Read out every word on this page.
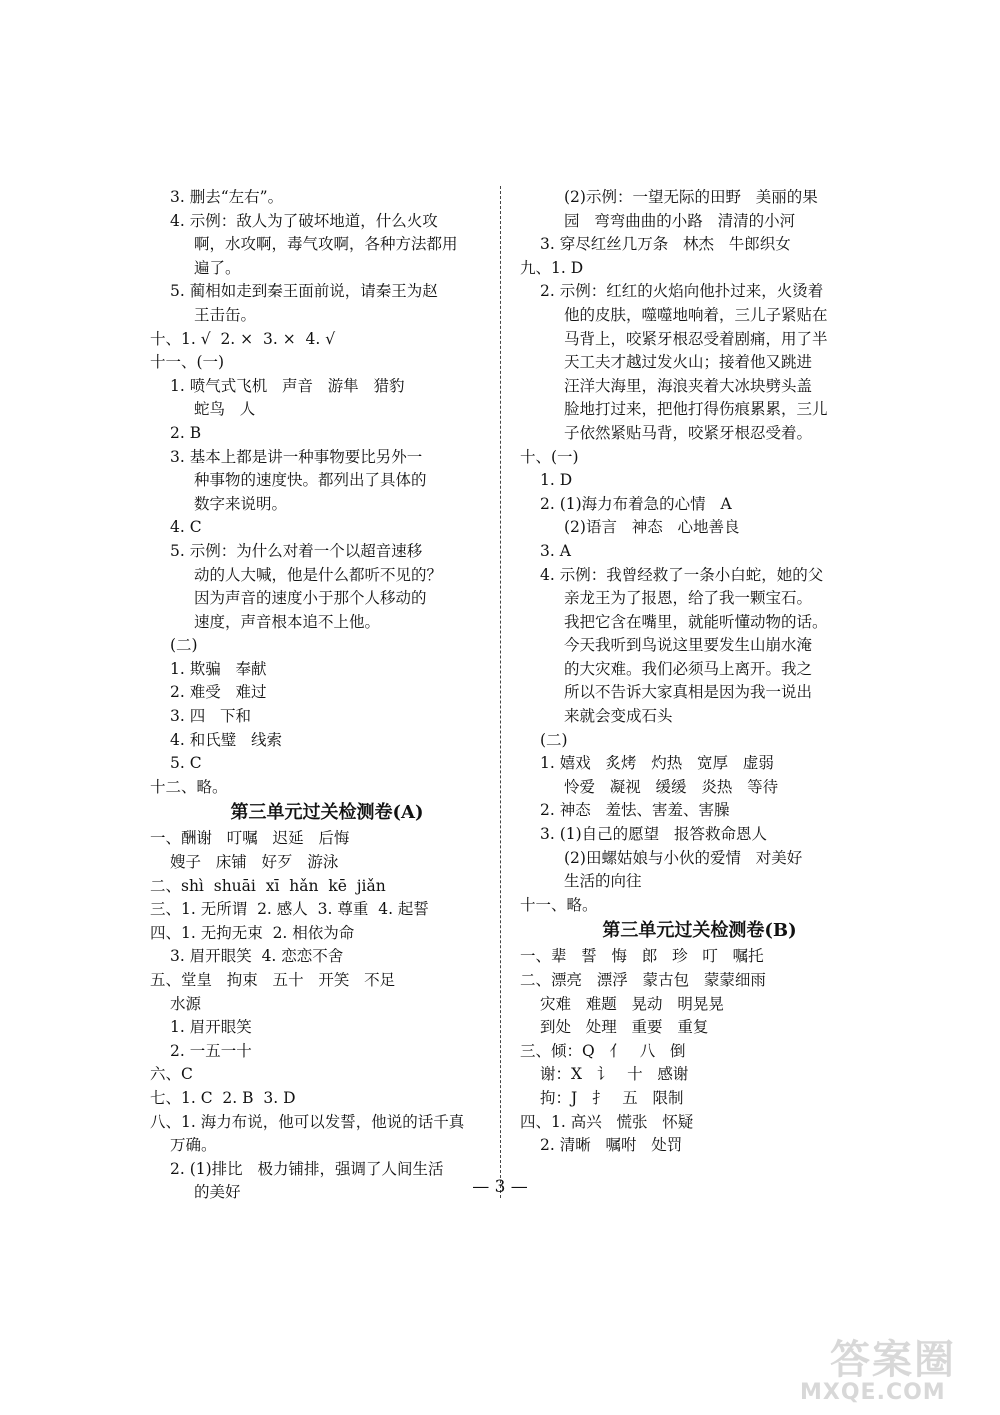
3. 删去“左右”。
4. 示例：敌人为了破坏地道，什么火攻
啊，水攻啊，毒气攻啊，各种方法都用
遍了。
5. 蔺相如走到秦王面前说，请秦王为赵
王击缶。
十、1. √  2. ×  3. ×  4. √
十一、(一)
1. 喷气式飞机   声音   游隼   猎豹
蛇鸟   人
2. B
3. 基本上都是讲一种事物要比另外一
种事物的速度快。都列出了具体的
数字来说明。
4. C
5. 示例：为什么对着一个以超音速移
动的人大喊，他是什么都听不见的？
因为声音的速度小于那个人移动的
速度，声音根本追不上他。
(二)
1. 欺骗   奉献
2. 难受   难过
3. 四   下和
4. 和氏璧   线索
5. C
十二、略。
第三单元过关检测卷(A)
一、酬谢   叮嘱   迟延   后悔
嫂子   床铺   好歹   游泳
二、shì  shuāi  xī  hǎn  kē  jiǎn
三、1. 无所谓  2. 感人  3. 尊重  4. 起誓
四、1. 无拘无束  2. 相依为命
3. 眉开眼笑  4. 恋恋不舍
五、堂皇   拘束   五十   开笑   不足
水源
1. 眉开眼笑
2. 一五一十
六、C
七、1. C  2. B  3. D
八、1. 海力布说，他可以发誓，他说的话千真
万确。
2. (1)排比   极力铺排，强调了人间生活
的美好
(2)示例：一望无际的田野   美丽的果
园   弯弯曲曲的小路   清清的小河
3. 穿尽红丝几万条   林杰   牛郎织女
九、1. D
2. 示例：红红的火焰向他扑过来，火烫着
他的皮肤，噬噬地响着，三儿子紧贴在
马背上，咬紧牙根忍受着剧痛，用了半
天工夫才越过发火山；接着他又跳进
汪洋大海里，海浪夹着大冰块劈头盖
脸地打过来，把他打得伤痕累累，三儿
子依然紧贴马背，咬紧牙根忍受着。
十、(一)
1. D
2. (1)海力布着急的心情   A
(2)语言   神态   心地善良
3. A
4. 示例：我曾经救了一条小白蛇，她的父
亲龙王为了报恩，给了我一颗宝石。
我把它含在嘴里，就能听懂动物的话。
今天我听到鸟说这里要发生山崩水淹
的大灾难。我们必须马上离开。我之
所以不告诉大家真相是因为我一说出
来就会变成石头
(二)
1. 嬉戏   炙烤   灼热   宽厚   虚弱
怜爱   凝视   缓缓   炎热   等待
2. 神态   羞怯、害羞、害臊
3. (1)自己的愿望   报答救命恩人
(2)田螺姑娘与小伙的爱情   对美好
生活的向往
十一、略。
第三单元过关检测卷(B)
一、辈   誓   悔   郎   珍   叮   嘱托
二、漂亮   漂浮   蒙古包   蒙蒙细雨
灾难   难题   晃动   明晃晃
到处   处理   重要   重复
三、倾：Q   亻   八   倒
谢：X   讠   十   感谢
拘：J   扌   五   限制
四、1. 高兴   慌张   怀疑
2. 清晰   嘱咐   处罚
— 3 —
答案圈
MXQE.COM
